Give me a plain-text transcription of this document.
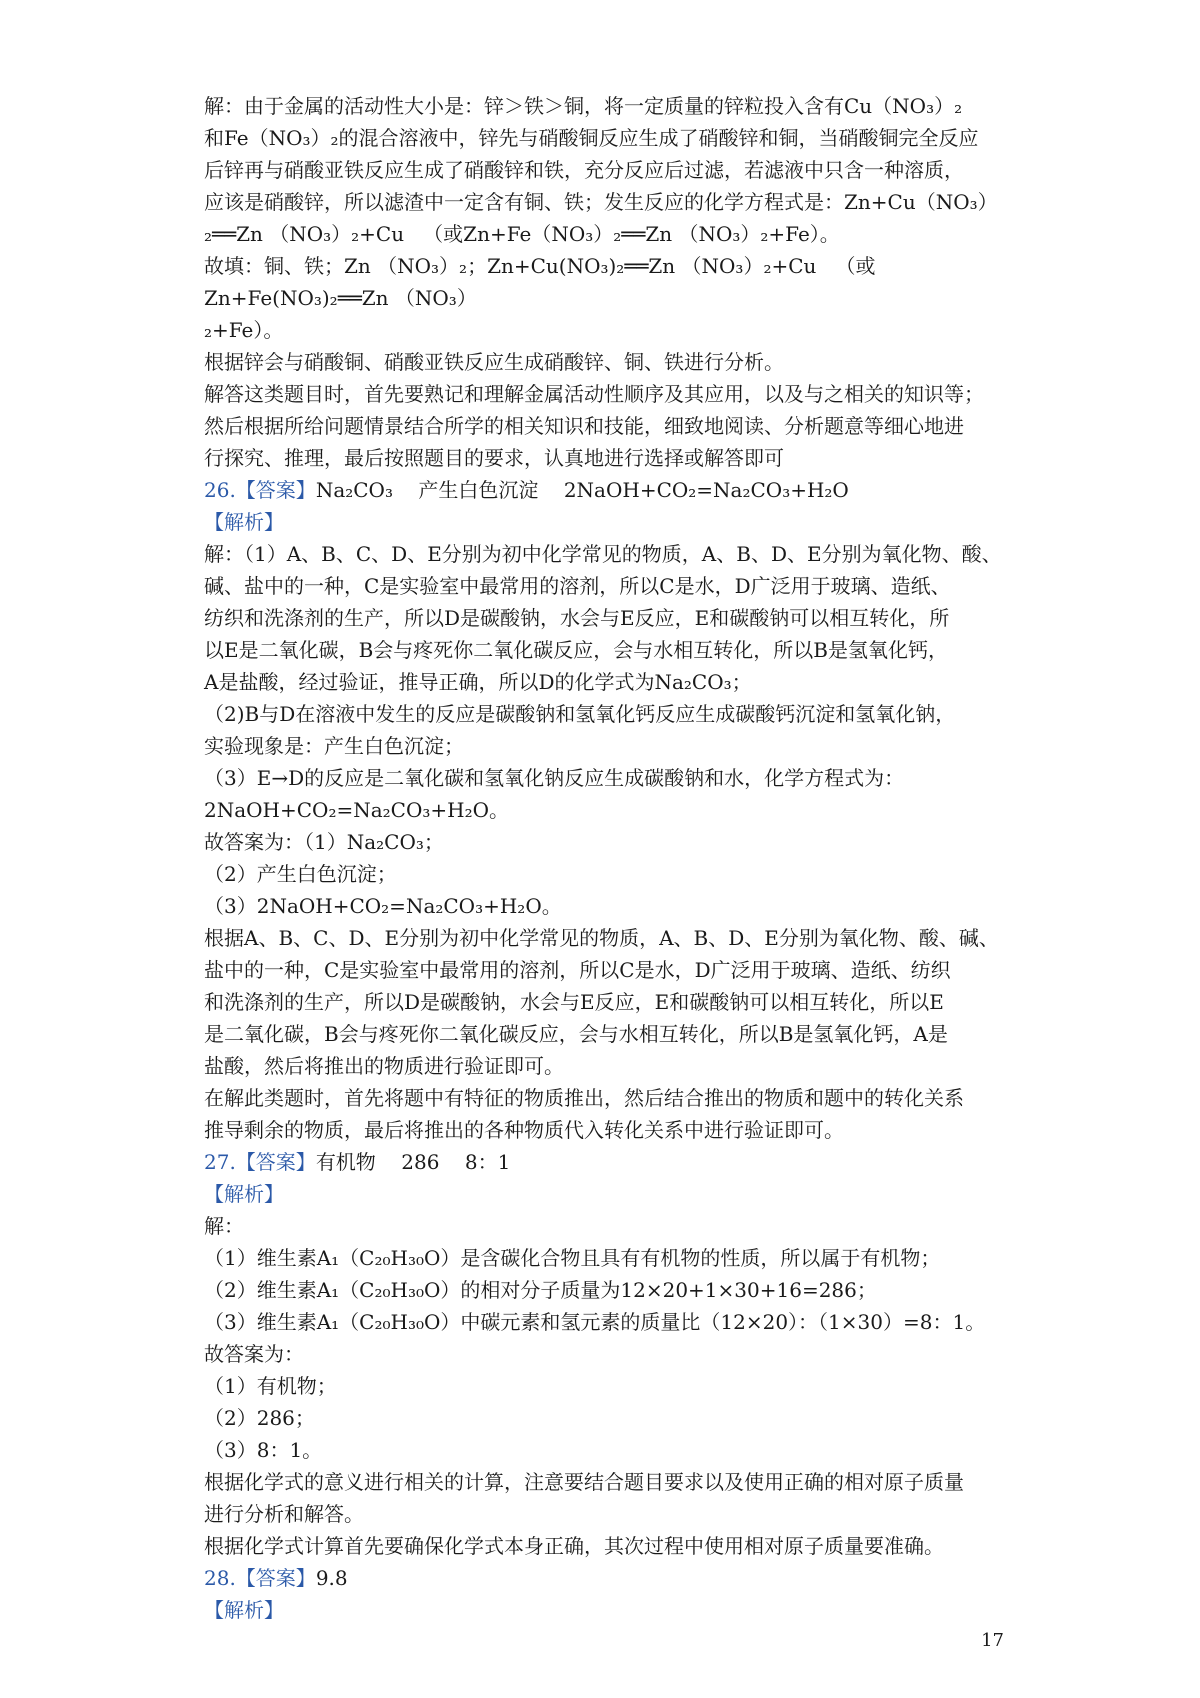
解：由于金属的活动性大小是：锌＞铁＞铜，将一定质量的锌粒投入含有Cu（NO₃）₂

和Fe（NO₃）₂的混合溶液中，锌先与硝酸铜反应生成了硝酸锌和铜，当硝酸铜完全反应

后锌再与硝酸亚铁反应生成了硝酸锌和铁，充分反应后过滤，若滤液中只含一种溶质，

应该是硝酸锌，所以滤渣中一定含有铜、铁；发生反应的化学方程式是：Zn+Cu（NO₃）

₂══Zn （NO₃）₂+Cu   （或Zn+Fe（NO₃）₂══Zn （NO₃）₂+Fe）。

故填：铜、铁；Zn （NO₃）₂；Zn+Cu(NO₃)₂══Zn （NO₃）₂+Cu   （或Zn+Fe(NO₃)₂══Zn （NO₃）

₂+Fe）。

根据锌会与硝酸铜、硝酸亚铁反应生成硝酸锌、铜、铁进行分析。

解答这类题目时，首先要熟记和理解金属活动性顺序及其应用，以及与之相关的知识等；

然后根据所给问题情景结合所学的相关知识和技能，细致地阅读、分析题意等细心地进

行探究、推理，最后按照题目的要求，认真地进行选择或解答即可

26.【答案】Na₂CO₃    产生白色沉淀    2NaOH+CO₂=Na₂CO₃+H₂O

【解析】

解：（1）A、B、C、D、E分别为初中化学常见的物质，A、B、D、E分别为氧化物、酸、

碱、盐中的一种，C是实验室中最常用的溶剂，所以C是水，D广泛用于玻璃、造纸、

纺织和洗涤剂的生产，所以D是碳酸钠，水会与E反应，E和碳酸钠可以相互转化，所

以E是二氧化碳，B会与疼死你二氧化碳反应，会与水相互转化，所以B是氢氧化钙，

A是盐酸，经过验证，推导正确，所以D的化学式为Na₂CO₃；

（2)B与D在溶液中发生的反应是碳酸钠和氢氧化钙反应生成碳酸钙沉淀和氢氧化钠，

实验现象是：产生白色沉淀；

（3）E→D的反应是二氧化碳和氢氧化钠反应生成碳酸钠和水，化学方程式为：

2NaOH+CO₂=Na₂CO₃+H₂O。

故答案为：（1）Na₂CO₃；

（2）产生白色沉淀；

（3）2NaOH+CO₂=Na₂CO₃+H₂O。

根据A、B、C、D、E分别为初中化学常见的物质，A、B、D、E分别为氧化物、酸、碱、

盐中的一种，C是实验室中最常用的溶剂，所以C是水，D广泛用于玻璃、造纸、纺织

和洗涤剂的生产，所以D是碳酸钠，水会与E反应，E和碳酸钠可以相互转化，所以E

是二氧化碳，B会与疼死你二氧化碳反应，会与水相互转化，所以B是氢氧化钙，A是

盐酸，然后将推出的物质进行验证即可。

在解此类题时，首先将题中有特征的物质推出，然后结合推出的物质和题中的转化关系

推导剩余的物质，最后将推出的各种物质代入转化关系中进行验证即可。

27.【答案】有机物    286    8：1

【解析】

解：

（1）维生素A₁（C₂₀H₃₀O）是含碳化合物且具有有机物的性质，所以属于有机物；

（2）维生素A₁（C₂₀H₃₀O）的相对分子质量为12×20+1×30+16=286；

（3）维生素A₁（C₂₀H₃₀O）中碳元素和氢元素的质量比（12×20）：（1×30）=8：1。

故答案为：

（1）有机物；

（2）286；

（3）8：1。

根据化学式的意义进行相关的计算，注意要结合题目要求以及使用正确的相对原子质量

进行分析和解答。

根据化学式计算首先要确保化学式本身正确，其次过程中使用相对原子质量要准确。

28.【答案】9.8

【解析】

17
